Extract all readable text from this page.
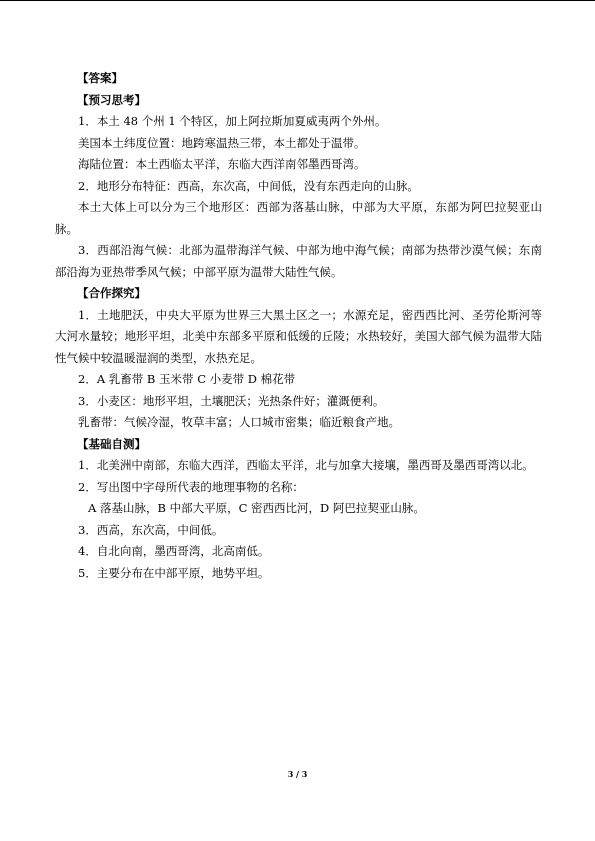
【答案】
【预习思考】

1．本土 48 个州 1 个特区，加上阿拉斯加夏威夷两个外州。

美国本土纬度位置：地跨寒温热三带，本土都处于温带。

海陆位置：本土西临太平洋，东临大西洋南邻墨西哥湾。

2．地形分布特征：西高，东次高，中间低，没有东西走向的山脉。

本土大体上可以分为三个地形区：西部为落基山脉，中部为大平原，东部为阿巴拉契亚山脉。

3．西部沿海气候：北部为温带海洋气候、中部为地中海气候；南部为热带沙漠气候；东南部沿海为亚热带季风气候；中部平原为温带大陆性气候。

【合作探究】

1．土地肥沃，中央大平原为世界三大黑土区之一；水源充足，密西西比河、圣劳伦斯河等大河水量较；地形平坦，北美中东部多平原和低缓的丘陵；水热较好，美国大部气候为温带大陆性气候中较温暖湿润的类型，水热充足。

2．A 乳畜带 B 玉米带 C 小麦带 D 棉花带

3．小麦区：地形平坦，土壤肥沃；光热条件好；灌溉便利。

乳畜带：气候冷湿，牧草丰富；人口城市密集；临近粮食产地。

【基础自测】

1．北美洲中南部，东临大西洋，西临太平洋，北与加拿大接壤，墨西哥及墨西哥湾以北。

2．写出图中字母所代表的地理事物的名称：

A 落基山脉，B 中部大平原，C 密西西比河，D 阿巴拉契亚山脉。

3．西高，东次高，中间低。

4．自北向南，墨西哥湾，北高南低。

5．主要分布在中部平原，地势平坦。

3 / 3
